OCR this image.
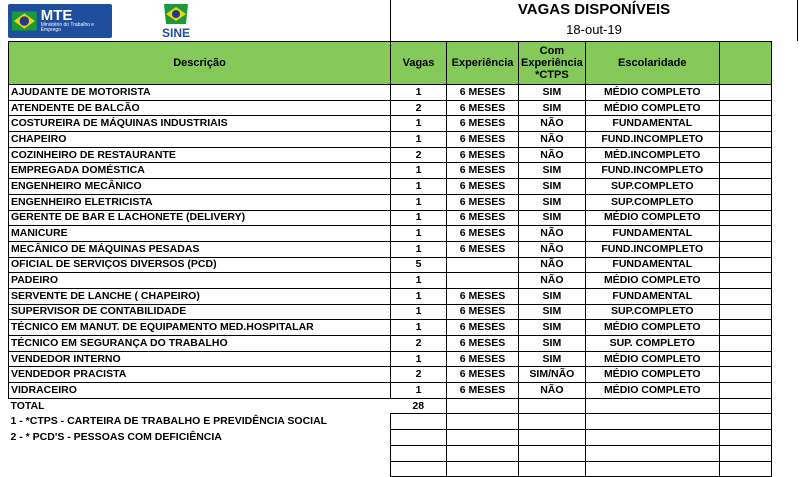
MTE
Ministério do Trabalho e Emprego	SINE
VAGAS DISPONÍVEIS
18-out-19
Descrição	Vagas	Experiência	Com Experiência *CTPS	Escolaridade	
AJUDANTE DE MOTORISTA	1	6 MESES	SIM	MÉDIO COMPLETO	
ATENDENTE DE BALCÃO	2	6 MESES	SIM	MÉDIO COMPLETO	
COSTUREIRA DE MÁQUINAS INDUSTRIAIS	1	6 MESES	NÃO	FUNDAMENTAL	
CHAPEIRO	1	6 MESES	NÃO	FUND.INCOMPLETO	
COZINHEIRO DE RESTAURANTE	2	6 MESES	NÃO	MÉD.INCOMPLETO	
EMPREGADA DOMÉSTICA	1	6 MESES	SIM	FUND.INCOMPLETO	
ENGENHEIRO MECÂNICO	1	6 MESES	SIM	SUP.COMPLETO	
ENGENHEIRO ELETRICISTA	1	6 MESES	SIM	SUP.COMPLETO	
GERENTE DE BAR E LACHONETE (DELIVERY)	1	6 MESES	SIM	MÉDIO COMPLETO	
MANICURE	1	6 MESES	NÃO	FUNDAMENTAL	
MECÂNICO DE MÁQUINAS PESADAS	1	6 MESES	NÃO	FUND.INCOMPLETO	
OFICIAL DE SERVIÇOS DIVERSOS (PCD)	5		NÃO	FUNDAMENTAL	
PADEIRO	1		NÃO	MÉDIO COMPLETO	
SERVENTE DE LANCHE ( CHAPEIRO)	1	6 MESES	SIM	FUNDAMENTAL	
SUPERVISOR DE CONTABILIDADE	1	6 MESES	SIM	SUP.COMPLETO	
TÉCNICO EM MANUT. DE EQUIPAMENTO MED.HOSPITALAR	1	6 MESES	SIM	MÉDIO COMPLETO	
TÉCNICO EM SEGURANÇA DO TRABALHO	2	6 MESES	SIM	SUP. COMPLETO	
VENDEDOR INTERNO	1	6 MESES	SIM	MÉDIO COMPLETO	
VENDEDOR PRACISTA	2	6 MESES	SIM/NÃO	MÉDIO COMPLETO	
VIDRACEIRO	1	6 MESES	NÃO	MÉDIO COMPLETO	
TOTAL	28				
1 - *CTPS - CARTEIRA DE TRABALHO E PREVIDÊNCIA SOCIAL					
2 - * PCD'S - PESSOAS COM DEFICIÊNCIA					
